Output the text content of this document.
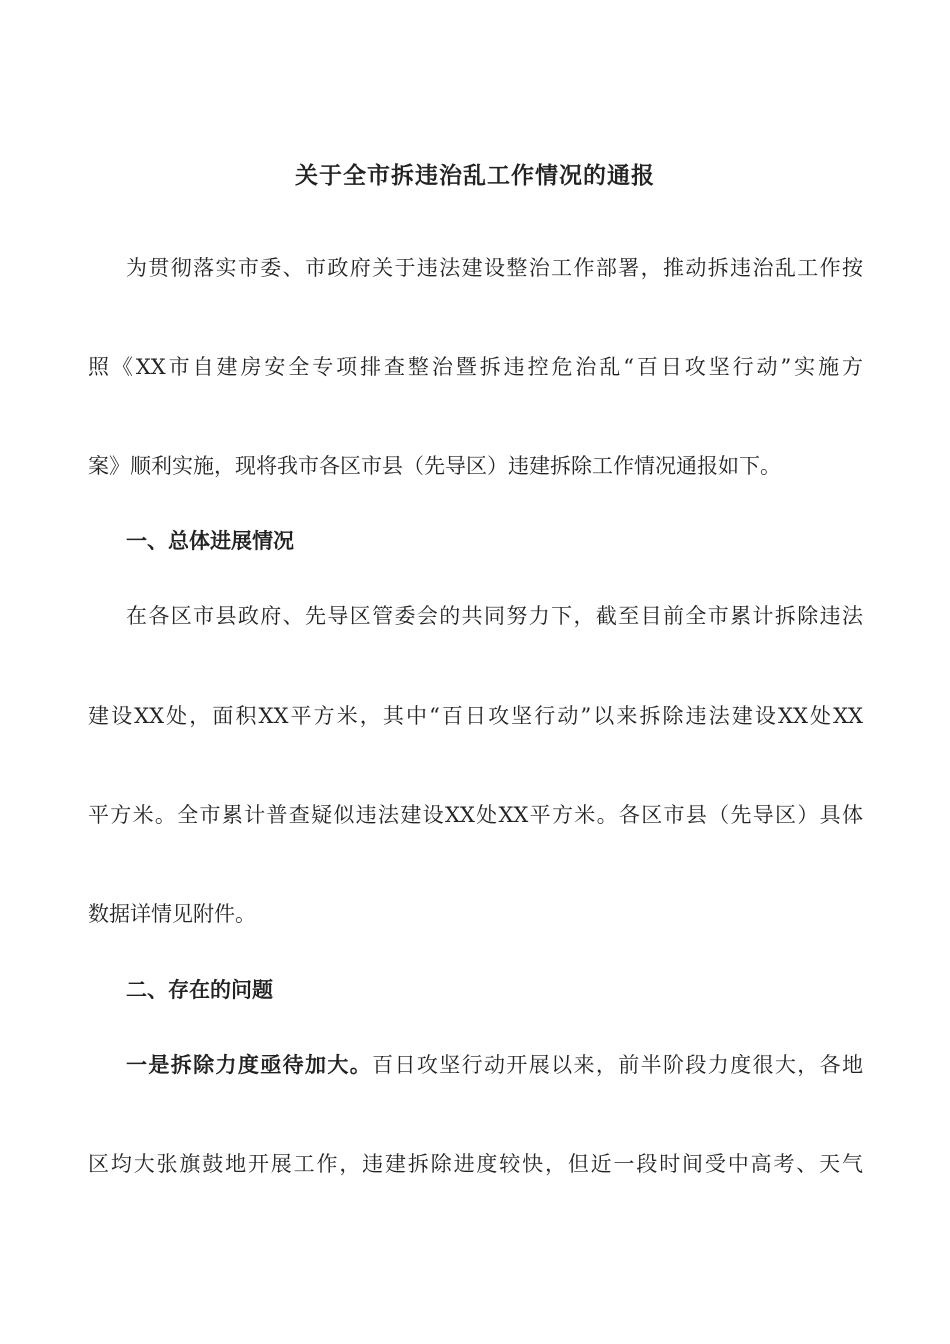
关于全市拆违治乱工作情况的通报
为贯彻落实市委、市政府关于违法建设整治工作部署，推动拆违治乱工作按
照《XX市自建房安全专项排查整治暨拆违控危治乱“百日攻坚行动”实施方
案》顺利实施，现将我市各区市县（先导区）违建拆除工作情况通报如下。
一、总体进展情况
在各区市县政府、先导区管委会的共同努力下，截至目前全市累计拆除违法
建设XX处，面积XX平方米，其中“百日攻坚行动”以来拆除违法建设XX处XX
平方米。全市累计普查疑似违法建设XX处XX平方米。各区市县（先导区）具体
数据详情见附件。
二、存在的问题
一是拆除力度亟待加大。百日攻坚行动开展以来，前半阶段力度很大，各地
区均大张旗鼓地开展工作，违建拆除进度较快，但近一段时间受中高考、天气
